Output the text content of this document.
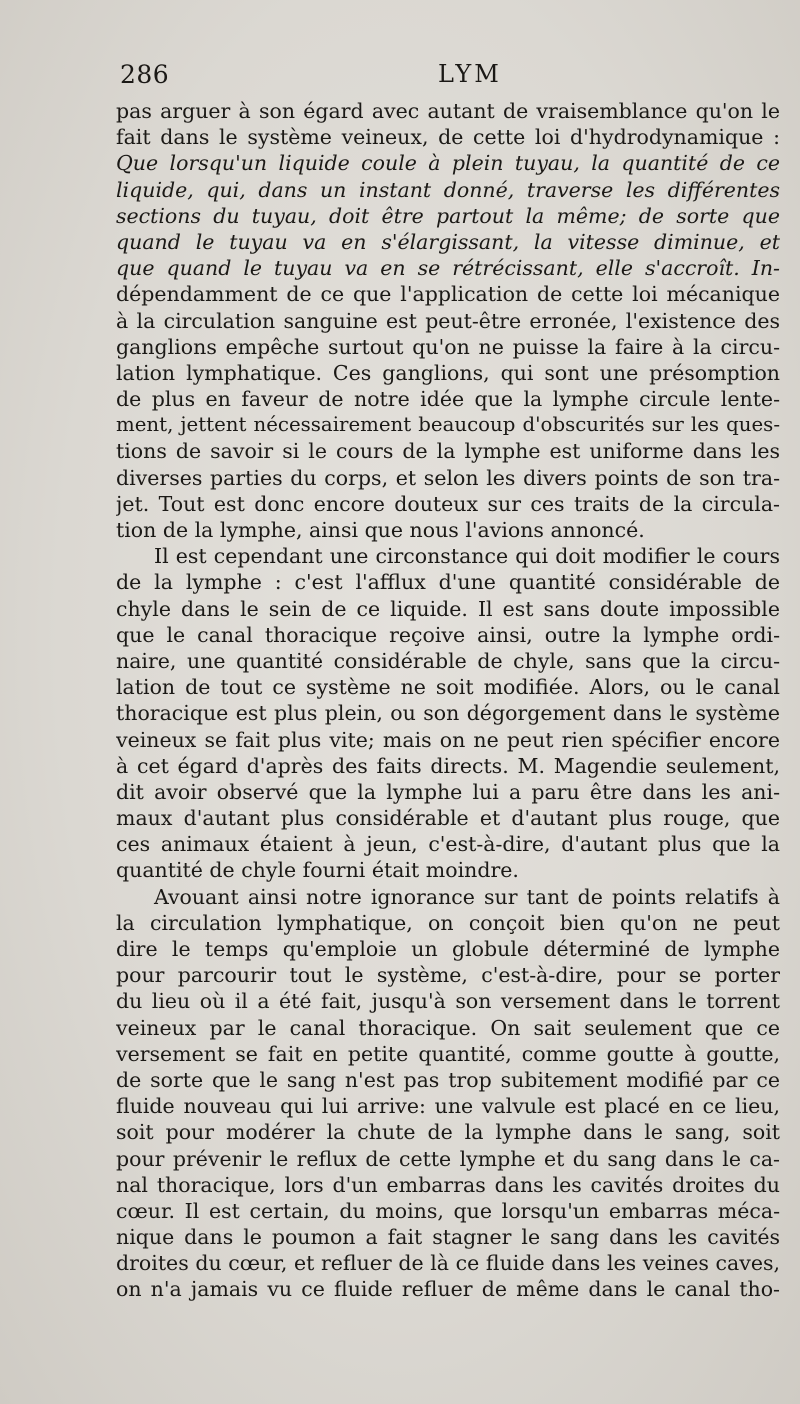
286	LYM
pas arguer à son égard avec autant de vraisemblance qu'on le
fait dans le système veineux, de cette loi d'hydrodynamique :
Que lorsqu'un liquide coule à plein tuyau, la quantité de ce
liquide, qui, dans un instant donné, traverse les différentes
sections du tuyau, doit être partout la même; de sorte que
quand le tuyau va en s'élargissant, la vitesse diminue, et
que quand le tuyau va en se rétrécissant, elle s'accroît. In-
dépendamment de ce que l'application de cette loi mécanique
à la circulation sanguine est peut-être erronée, l'existence des
ganglions empêche surtout qu'on ne puisse la faire à la circu-
lation lymphatique. Ces ganglions, qui sont une présomption
de plus en faveur de notre idée que la lymphe circule lente-
ment, jettent nécessairement beaucoup d'obscurités sur les ques-
tions de savoir si le cours de la lymphe est uniforme dans les
diverses parties du corps, et selon les divers points de son tra-
jet. Tout est donc encore douteux sur ces traits de la circula-
tion de la lymphe, ainsi que nous l'avions annoncé.
Il est cependant une circonstance qui doit modifier le cours
de la lymphe : c'est l'afflux d'une quantité considérable de
chyle dans le sein de ce liquide. Il est sans doute impossible
que le canal thoracique reçoive ainsi, outre la lymphe ordi-
naire, une quantité considérable de chyle, sans que la circu-
lation de tout ce système ne soit modifiée. Alors, ou le canal
thoracique est plus plein, ou son dégorgement dans le système
veineux se fait plus vite; mais on ne peut rien spécifier encore
à cet égard d'après des faits directs. M. Magendie seulement,
dit avoir observé que la lymphe lui a paru être dans les ani-
maux d'autant plus considérable et d'autant plus rouge, que
ces animaux étaient à jeun, c'est-à-dire, d'autant plus que la
quantité de chyle fourni était moindre.
Avouant ainsi notre ignorance sur tant de points relatifs à
la circulation lymphatique, on conçoit bien qu'on ne peut
dire le temps qu'emploie un globule déterminé de lymphe
pour parcourir tout le système, c'est-à-dire, pour se porter
du lieu où il a été fait, jusqu'à son versement dans le torrent
veineux par le canal thoracique. On sait seulement que ce
versement se fait en petite quantité, comme goutte à goutte,
de sorte que le sang n'est pas trop subitement modifié par ce
fluide nouveau qui lui arrive: une valvule est placé en ce lieu,
soit pour modérer la chute de la lymphe dans le sang, soit
pour prévenir le reflux de cette lymphe et du sang dans le ca-
nal thoracique, lors d'un embarras dans les cavités droites du
cœur. Il est certain, du moins, que lorsqu'un embarras méca-
nique dans le poumon a fait stagner le sang dans les cavités
droites du cœur, et refluer de là ce fluide dans les veines caves,
on n'a jamais vu ce fluide refluer de même dans le canal tho-
